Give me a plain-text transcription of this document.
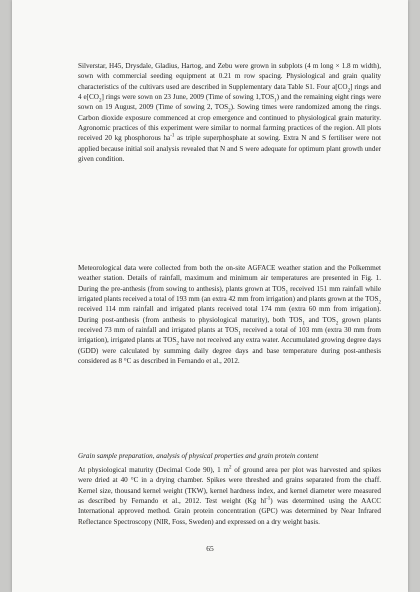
Silverstar, H45, Drysdale, Gladius, Hartog, and Zebu were grown in subplots (4 m long × 1.8 m width), sown with commercial seeding equipment at 0.21 m row spacing. Physiological and grain quality characteristics of the cultivars used are described in Supplementary data Table S1. Four $a[CO_2]$ rings and 4 $e[CO_2]$ rings were sown on 23 June, 2009 (Time of sowing $1,TOS_1$) and the remaining eight rings were sown on 19 August, 2009 (Time of sowing 2, $TOS_2$). Sowing times were randomized among the rings. Carbon dioxide exposure commenced at crop emergence and continued to physiological grain maturity. Agronomic practices of this experiment were similar to normal farming practices of the region. All plots received 20 kg phosphorous $ha^{-1}$ as triple superphosphate at sowing. Extra N and S fertiliser were not applied because initial soil analysis revealed that N and S were adequate for optimum plant growth under given condition.

Meteorological data were collected from both the on-site AGFACE weather station and the Polkemmet weather station. Details of rainfall, maximum and minimum air temperatures are presented in Fig. 1. During the pre-anthesis (from sowing to anthesis), plants grown at $TOS_1$ received 151 mm rainfall while irrigated plants received a total of 193 mm (an extra 42 mm from irrigation) and plants grown at the $TOS_2$ received 114 mm rainfall and irrigated plants received total 174 mm (extra 60 mm from irrigation). During post-anthesis (from anthesis to physiological maturity), both $TOS_1$ and $TOS_2$ grown plants received 73 mm of rainfall and irrigated plants at $TOS_1$ received a total of 103 mm (extra 30 mm from irrigation), irrigated plants at $TOS_2$ have not received any extra water. Accumulated growing degree days (GDD) were calculated by summing daily degree days and base temperature during post-anthesis considered as 8 °C as described in Fernando et al., 2012.

Grain sample preparation, analysis of physical properties and grain protein content

At physiological maturity (Decimal Code 90), 1 $m^2$ of ground area per plot was harvested and spikes were dried at 40 °C in a drying chamber. Spikes were threshed and grains separated from the chaff. Kernel size, thousand kernel weight (TKW), kernel hardness index, and kernel diameter were measured as described by Fernando et al., 2012. Test weight (Kg $hl^{-1}$) was determined using the AACC International approved method. Grain protein concentration (GPC) was determined by Near Infrared Reflectance Spectroscopy (NIR, Foss, Sweden) and expressed on a dry weight basis.

65
